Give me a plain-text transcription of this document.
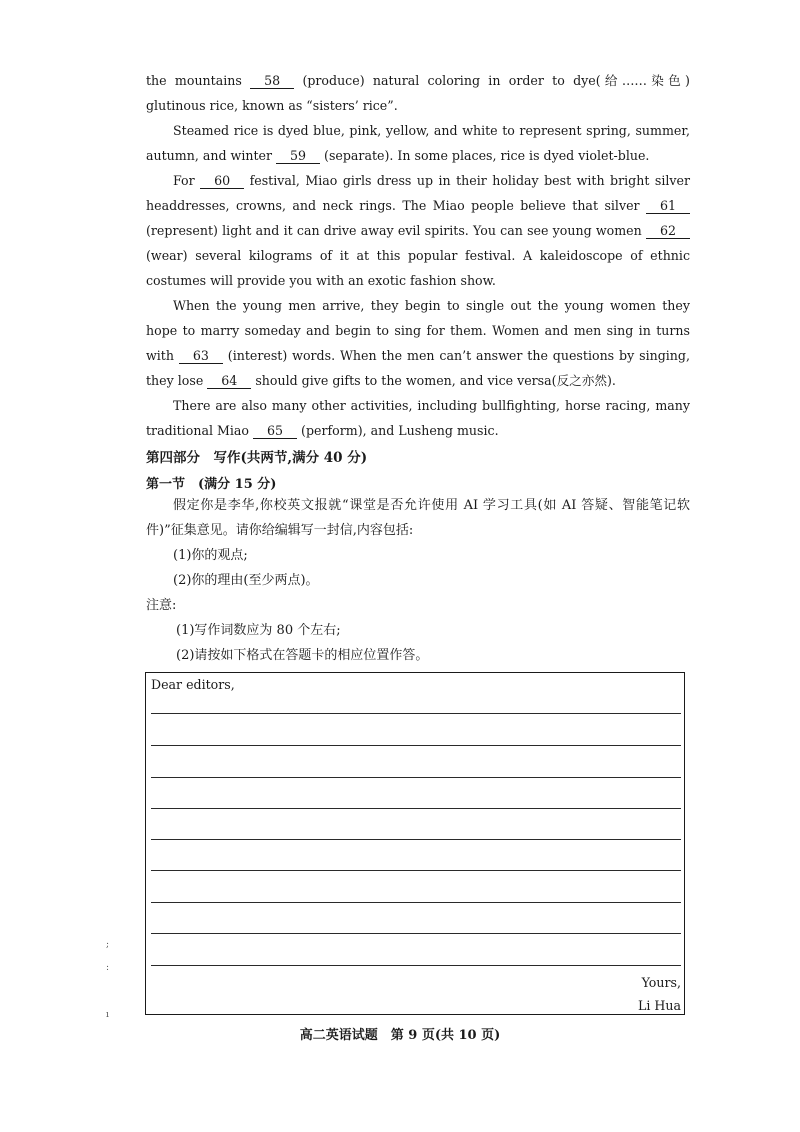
the mountains 58 (produce) natural coloring in order to dye(给……染色) glutinous rice, known as “sisters’ rice”.

Steamed rice is dyed blue, pink, yellow, and white to represent spring, summer, autumn, and winter 59 (separate). In some places, rice is dyed violet-blue.

For 60 festival, Miao girls dress up in their holiday best with bright silver headdresses, crowns, and neck rings. The Miao people believe that silver 61 (represent) light and it can drive away evil spirits. You can see young women 62 (wear) several kilograms of it at this popular festival. A kaleidoscope of ethnic costumes will provide you with an exotic fashion show.

When the young men arrive, they begin to single out the young women they hope to marry someday and begin to sing for them. Women and men sing in turns with 63 (interest) words. When the men can’t answer the questions by singing, they lose 64 should give gifts to the women, and vice versa(反之亦然).

There are also many other activities, including bullfighting, horse racing, many traditional Miao 65 (perform), and Lusheng music.

第四部分　写作(共两节,满分 40 分)

第一节　(满分 15 分)

假定你是李华,你校英文报就“课堂是否允许使用 AI 学习工具(如 AI 答疑、智能笔记软件)”征集意见。请你给编辑写一封信,内容包括:

(1)你的观点;

(2)你的理由(至少两点)。

注意:

(1)写作词数应为 80 个左右;

(2)请按如下格式在答题卡的相应位置作答。

Dear editors,
Yours,
Li Hua
;
:
ı
高二英语试题　第 9 页(共 10 页)
